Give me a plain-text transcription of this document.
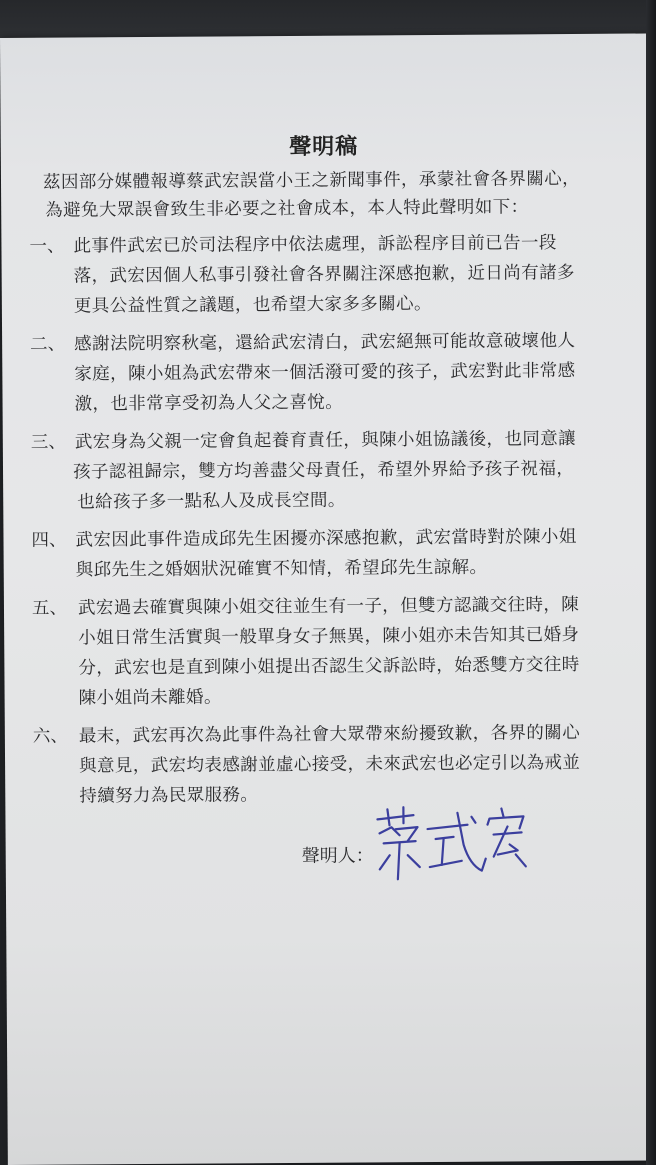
聲明稿
茲因部分媒體報導蔡武宏誤當小王之新聞事件，承蒙社會各界關心，
為避免大眾誤會致生非必要之社會成本，本人特此聲明如下：
一、 此事件武宏已於司法程序中依法處理，訴訟程序目前已告一段
落，武宏因個人私事引發社會各界關注深感抱歉，近日尚有諸多
更具公益性質之議題，也希望大家多多關心。
二、 感謝法院明察秋毫，還給武宏清白，武宏絕無可能故意破壞他人
家庭，陳小姐為武宏帶來一個活潑可愛的孩子，武宏對此非常感
激，也非常享受初為人父之喜悅。
三、 武宏身為父親一定會負起養育責任，與陳小姐協議後，也同意讓
孩子認祖歸宗，雙方均善盡父母責任，希望外界給予孩子祝福，
也給孩子多一點私人及成長空間。
四、 武宏因此事件造成邱先生困擾亦深感抱歉，武宏當時對於陳小姐
與邱先生之婚姻狀況確實不知情，希望邱先生諒解。
五、 武宏過去確實與陳小姐交往並生有一子，但雙方認識交往時，陳
小姐日常生活實與一般單身女子無異，陳小姐亦未告知其已婚身
分，武宏也是直到陳小姐提出否認生父訴訟時，始悉雙方交往時
陳小姐尚未離婚。
六、 最末，武宏再次為此事件為社會大眾帶來紛擾致歉，各界的關心
與意見，武宏均表感謝並虛心接受，未來武宏也必定引以為戒並
持續努力為民眾服務。
聲明人：
